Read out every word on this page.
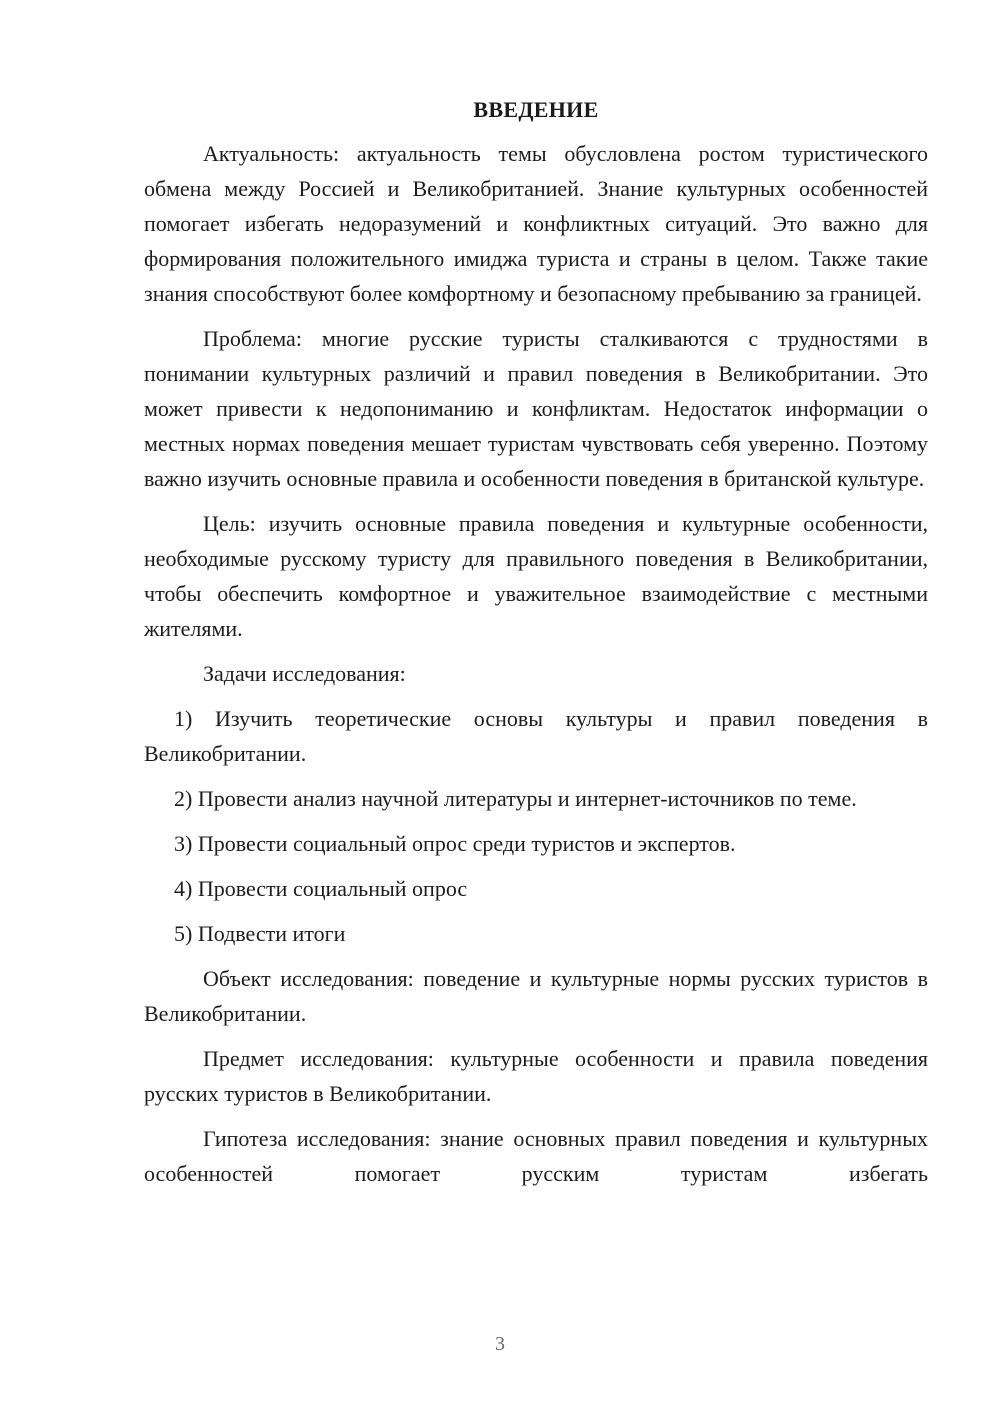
ВВЕДЕНИЕ

Актуальность: актуальность темы обусловлена ростом туристического обмена между Россией и Великобританией. Знание культурных особенностей помогает избегать недоразумений и конфликтных ситуаций. Это важно для формирования положительного имиджа туриста и страны в целом. Также такие знания способствуют более комфортному и безопасному пребыванию за границей.

Проблема: многие русские туристы сталкиваются с трудностями в понимании культурных различий и правил поведения в Великобритании. Это может привести к недопониманию и конфликтам. Недостаток информации о местных нормах поведения мешает туристам чувствовать себя уверенно. Поэтому важно изучить основные правила и особенности поведения в британской культуре.

Цель: изучить основные правила поведения и культурные особенности, необходимые русскому туристу для правильного поведения в Великобритании, чтобы обеспечить комфортное и уважительное взаимодействие с местными жителями.

Задачи исследования:

1) Изучить теоретические основы культуры и правил поведения в Великобритании.

2) Провести анализ научной литературы и интернет-источников по теме.

3) Провести социальный опрос среди туристов и экспертов.

4) Провести социальный опрос

5) Подвести итоги

Объект исследования: поведение и культурные нормы русских туристов в Великобритании.

Предмет исследования: культурные особенности и правила поведения русских туристов в Великобритании.

Гипотеза исследования: знание основных правил поведения и культурных особенностей помогает русским туристам избегать

3
